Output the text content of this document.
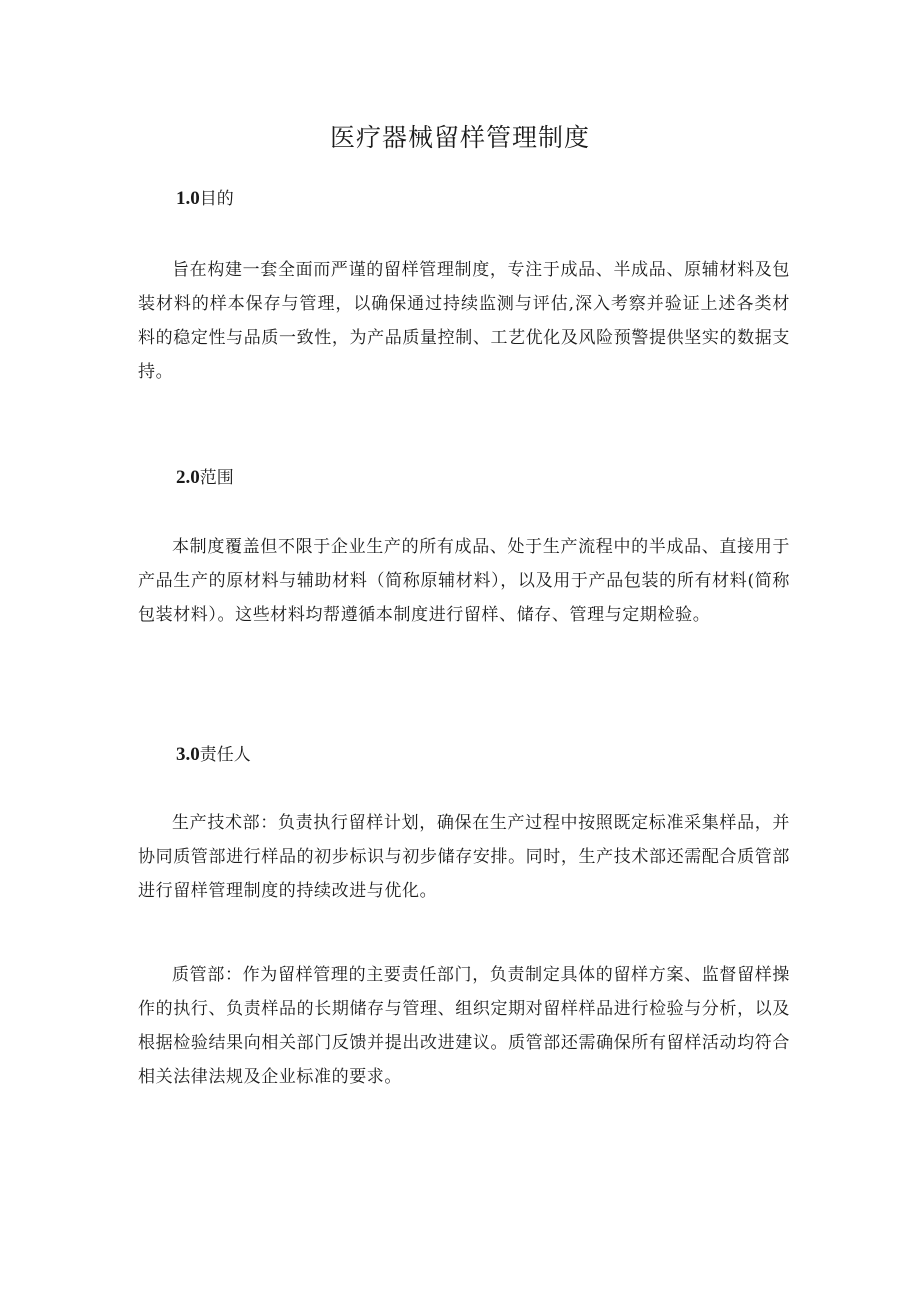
医疗器械留样管理制度
1.0目的

旨在构建一套全面而严谨的留样管理制度，专注于成品、半成品、原辅材料及包装材料的样本保存与管理，以确保通过持续监测与评估,深入考察并验证上述各类材料的稳定性与品质一致性，为产品质量控制、工艺优化及风险预警提供坚实的数据支持。

2.0范围

本制度覆盖但不限于企业生产的所有成品、处于生产流程中的半成品、直接用于产品生产的原材料与辅助材料（简称原辅材料），以及用于产品包装的所有材料(简称包装材料）。这些材料均帮遵循本制度进行留样、储存、管理与定期检验。

3.0责任人

生产技术部：负责执行留样计划，确保在生产过程中按照既定标准采集样品，并协同质管部进行样品的初步标识与初步储存安排。同时，生产技术部还需配合质管部进行留样管理制度的持续改进与优化。

质管部：作为留样管理的主要责任部门，负责制定具体的留样方案、监督留样操作的执行、负责样品的长期储存与管理、组织定期对留样样品进行检验与分析，以及根据检验结果向相关部门反馈并提出改进建议。质管部还需确保所有留样活动均符合相关法律法规及企业标准的要求。
